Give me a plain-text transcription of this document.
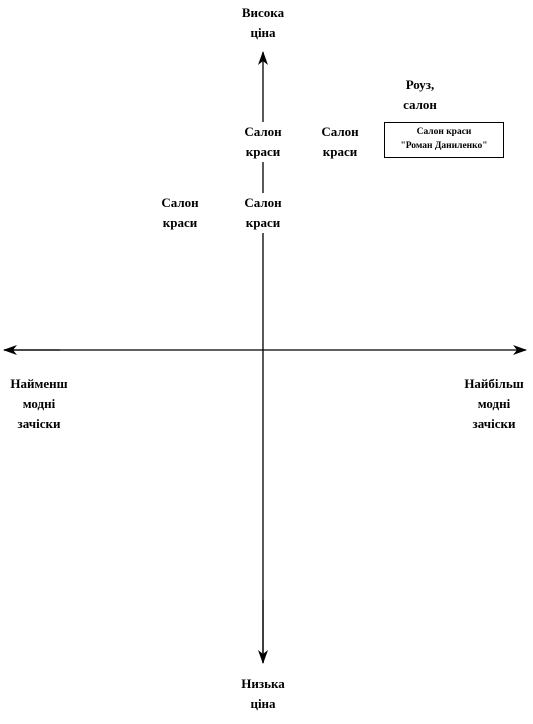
Висока
ціна
Низька
ціна
Найменш
модні
зачіски
Найбільш
модні
зачіски
Роуз,
салон
Салон
краси
Салон
краси
Салон
краси
Салон
краси
Салон краси
"Роман Даниленко"
